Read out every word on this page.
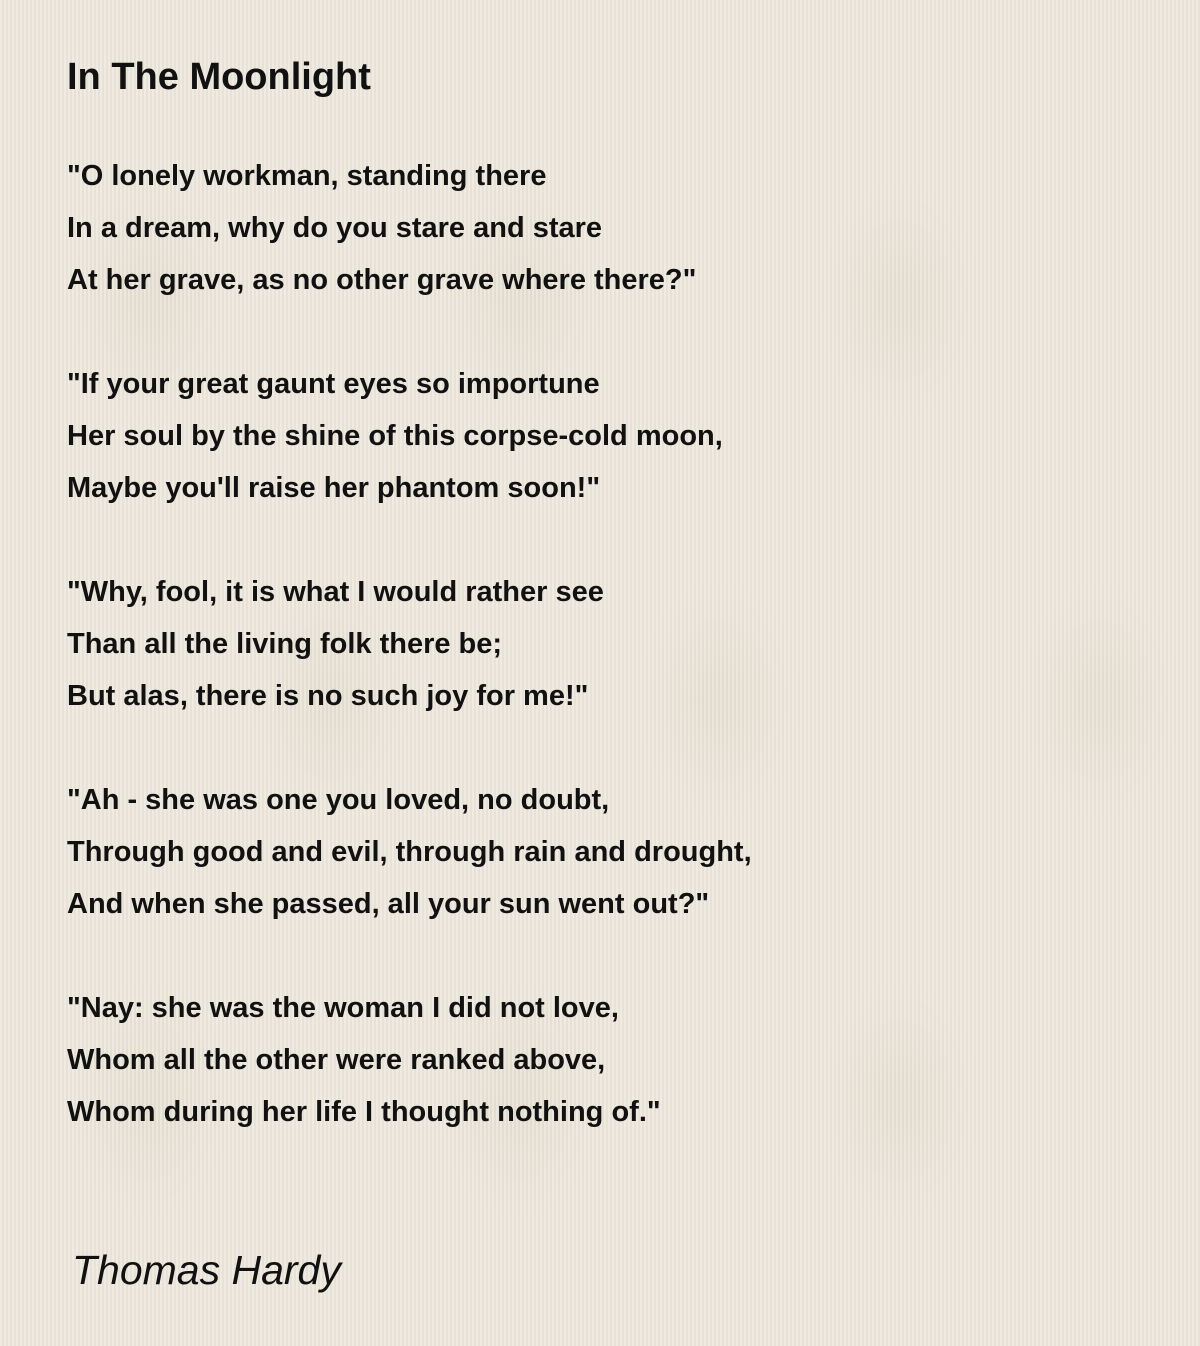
In The Moonlight
"O lonely workman, standing there
In a dream, why do you stare and stare
At her grave, as no other grave where there?"
"If your great gaunt eyes so importune
Her soul by the shine of this corpse-cold moon,
Maybe you'll raise her phantom soon!"
"Why, fool, it is what I would rather see
Than all the living folk there be;
But alas, there is no such joy for me!"
"Ah - she was one you loved, no doubt,
Through good and evil, through rain and drought,
And when she passed, all your sun went out?"
"Nay: she was the woman I did not love,
Whom all the other were ranked above,
Whom during her life I thought nothing of."
Thomas Hardy
